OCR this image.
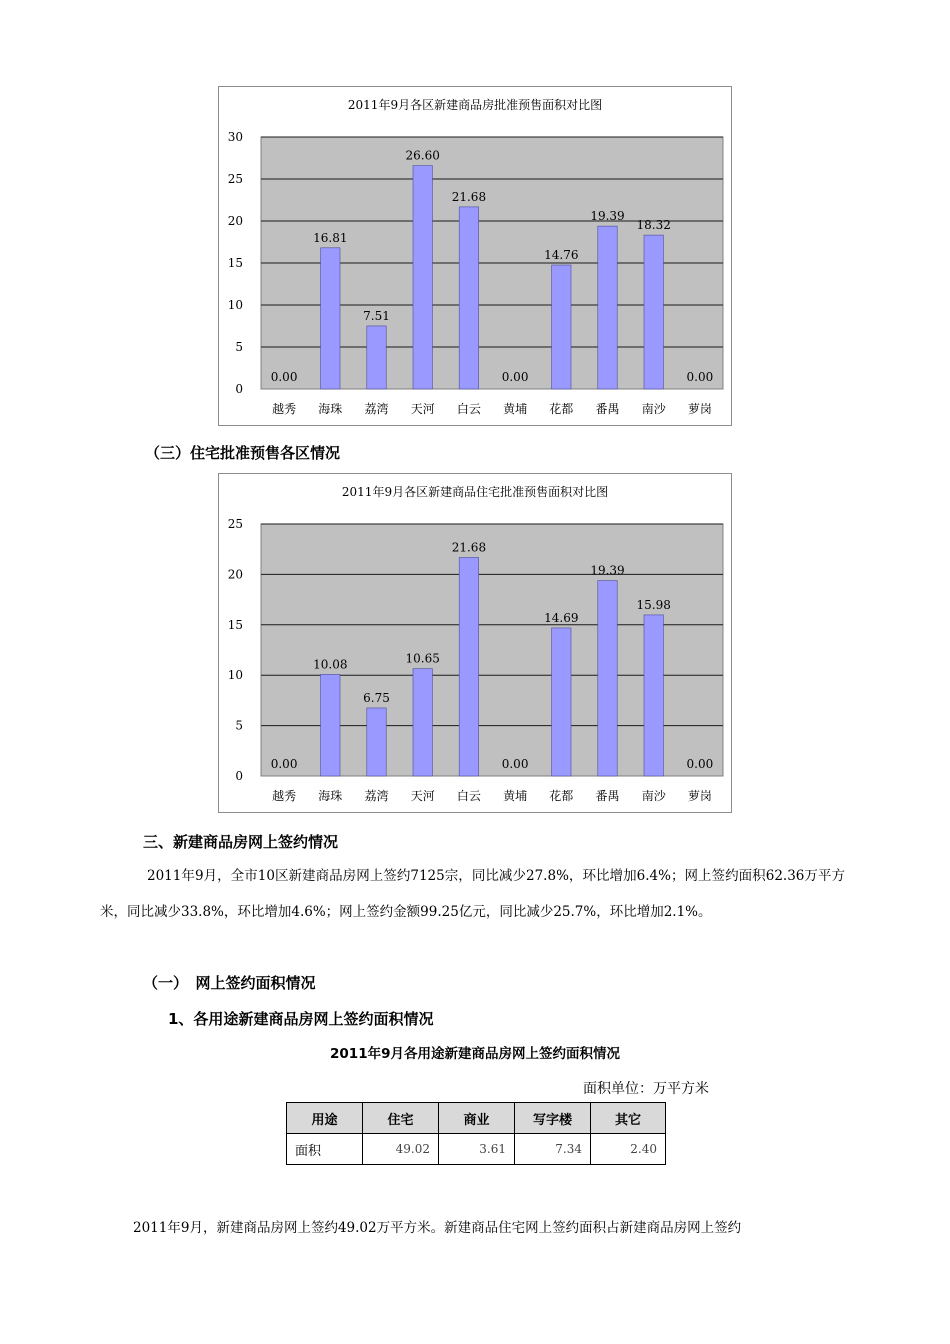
2011年9月各区新建商品房批准预售面积对比图
0
5
10
15
20
25
30
0.00
越秀
16.81
海珠
7.51
荔湾
26.60
天河
21.68
白云
0.00
黄埔
14.76
花都
19.39
番禺
18.32
南沙
0.00
萝岗
（三）住宅批准预售各区情况
2011年9月各区新建商品住宅批准预售面积对比图
0
5
10
15
20
25
0.00
越秀
10.08
海珠
6.75
荔湾
10.65
天河
21.68
白云
0.00
黄埔
14.69
花都
19.39
番禺
15.98
南沙
0.00
萝岗
三、新建商品房网上签约情况

2011年9月，全市10区新建商品房网上签约7125宗，同比减少27.8%，环比增加6.4%；网上签约面积62.36万平方米，同比减少33.8%，环比增加4.6%；网上签约金额99.25亿元，同比减少25.7%，环比增加2.1%。

（一）　网上签约面积情况
1、各用途新建商品房网上签约面积情况
2011年9月各用途新建商品房网上签约面积情况
面积单位：万平方米
用途	住宅	商业	写字楼	其它
面积	49.02	3.61	7.34	2.40
2011年9月，新建商品房网上签约49.02万平方米。新建商品住宅网上签约面积占新建商品房网上签约
